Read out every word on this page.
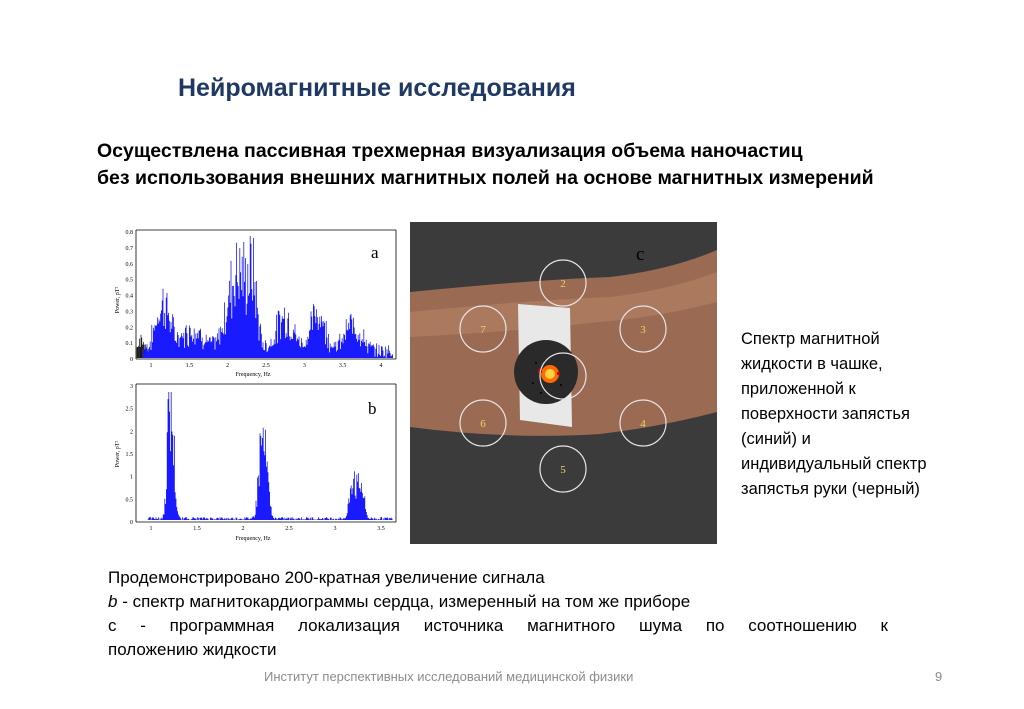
Нейромагнитные исследования
Осуществлена пассивная трехмерная визуализация объема наночастиц
без использования внешних магнитных полей на основе магнитных измерений
0.8
0.7
0.6
0.5
0.4
0.3
0.2
0.1
0
1	1.5	2	2.5	3	3.5	4
a
Frequency, Hz
Power, pT²
3
2.5
2
1.5
1
0.5
0
1	1.5	2	2.5	3	3.5
b
Frequency, Hz
Power, pT²
2
7	3
6	4
5
c
Спектр магнитной
жидкости в чашке,
приложенной к
поверхности запястья
(синий) и
индивидуальный спектр
запястья руки (черный)
Продемонстрировано 200-кратная увеличение сигнала
b - спектр магнитокардиограммы сердца, измеренный на том же приборе
с - программная локализация источника магнитного шума по соотношению к
положению жидкости
Институт перспективных исследований медицинской физики	9
